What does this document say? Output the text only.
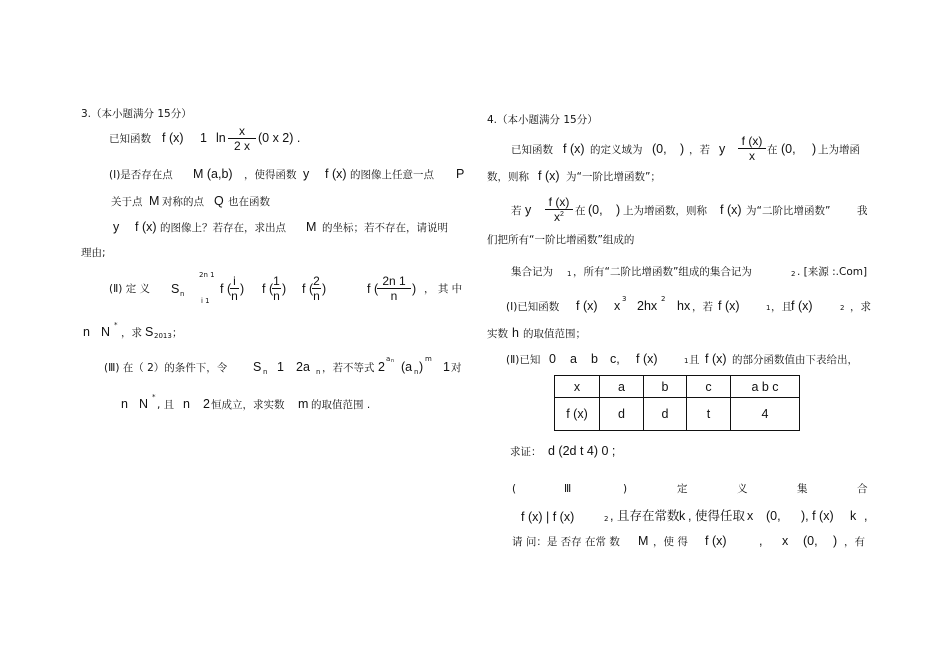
3.（本小题满分 15分）
已知函数 f (x) 1 ln	x
2 x
(0 x 2) .
(Ⅰ)是否存在点 M (a,b) ，使得函数 y f (x) 的图像上任意一点 P
关于点 M 对称的点 Q 也在函数
y f (x) 的图像上？若存在，求出点 M 的坐标；若不存在，请说明
理由;
(Ⅱ) 定 义 S n
2n 1
i 1
f (
i
n ) f (
1
n ) f (
2
n )	f (
2n 1
n	) ， 其 中
n N *
，求 S 2013 ；
(Ⅲ) 在（ 2）的条件下，令 S n 1 2a n ，若不等式 2
a n (a n )
m
1 对
n N *
, 且 n 2 恒成立，求实数 m 的取值范围 .
4.（本小题满分 15分）
已知函数 f (x) 的定义域为 (0, ) ，若 y
f (x)
x	在 (0, ) 上为增函
数，则称 f (x) 为“一阶比增函数”；
若 y
f (x)
$x^2$	在 (0, ) 上为增函数，则称 f (x) 为“二阶比增函数”	我
们把所有“一阶比增函数”组成的
集合记为 1 ，所有“二阶比增函数”组成的集合记为	2 . [来源 :.Com]
(Ⅰ)已知函数 f (x) x 3 2hx 2 hx ，若 f (x)	1 ，且 f (x)	2 ，求
实数 h 的取值范围；
(Ⅱ)已知 0 a b c, f (x)	1 且 f (x) 的部分函数值由下表给出，
x	a	b	c	a b c
f (x)	d	d	t	4
求证： d (2d t 4) 0 ;
(	Ⅲ	)	定	义	集	合
f (x) | f (x)	2 , 且存在常数 k , 使得任取 x (0, ), f (x) k ,
请 问：是 否存 在常 数 M ，使 得 f (x)	, x (0, ) ，有
